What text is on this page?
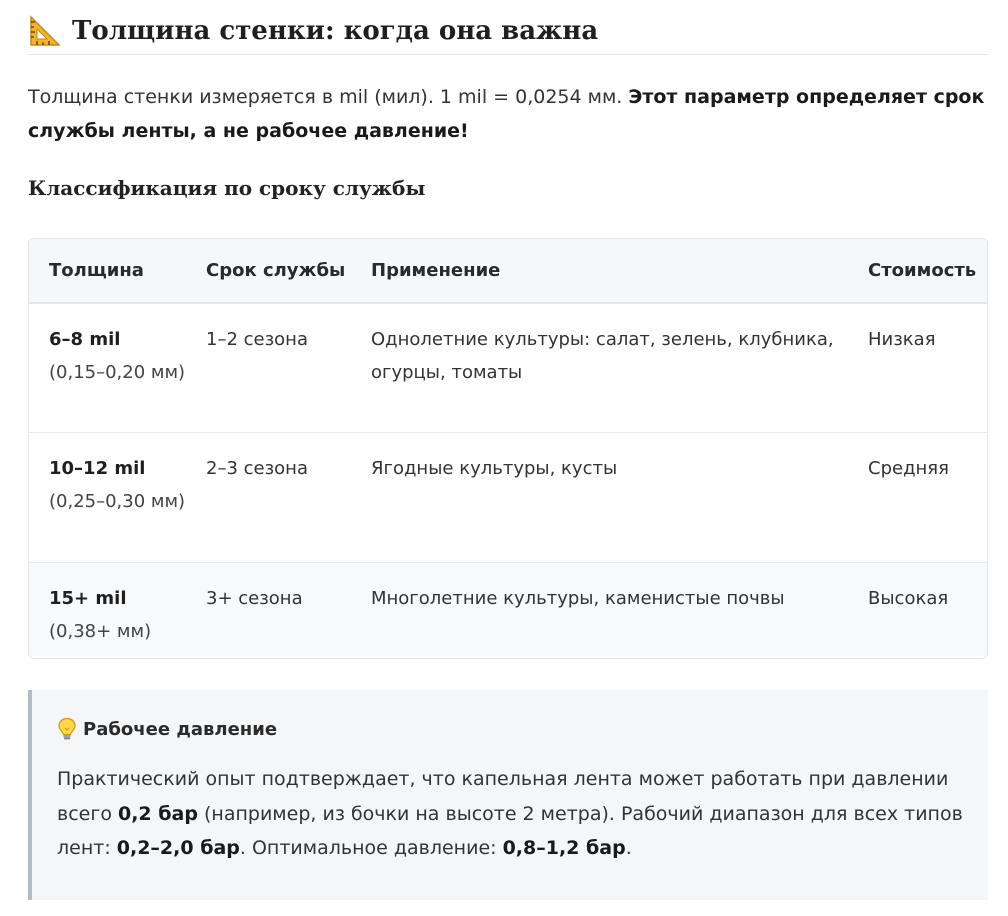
Толщина стенки: когда она важна
Толщина стенки измеряется в mil (мил). 1 mil = 0,0254 мм. Этот параметр определяет срок службы ленты, а не рабочее давление!
Классификация по сроку службы
Толщина	Срок службы	Применение	Стоимость

6–8 mil
(0,15–0,20 мм)	1–2 сезона	Однолетние культуры: салат, зелень, клубника, огурцы, томаты	Низкая

10–12 mil
(0,25–0,30 мм)	2–3 сезона	Ягодные культуры, кусты	Средняя

15+ mil
(0,38+ мм)	3+ сезона	Многолетние культуры, каменистые почвы	Высокая
Рабочее давление
Практический опыт подтверждает, что капельная лента может работать при давлении всего 0,2 бар (например, из бочки на высоте 2 метра). Рабочий диапазон для всех типов лент: 0,2–2,0 бар. Оптимальное давление: 0,8–1,2 бар.
